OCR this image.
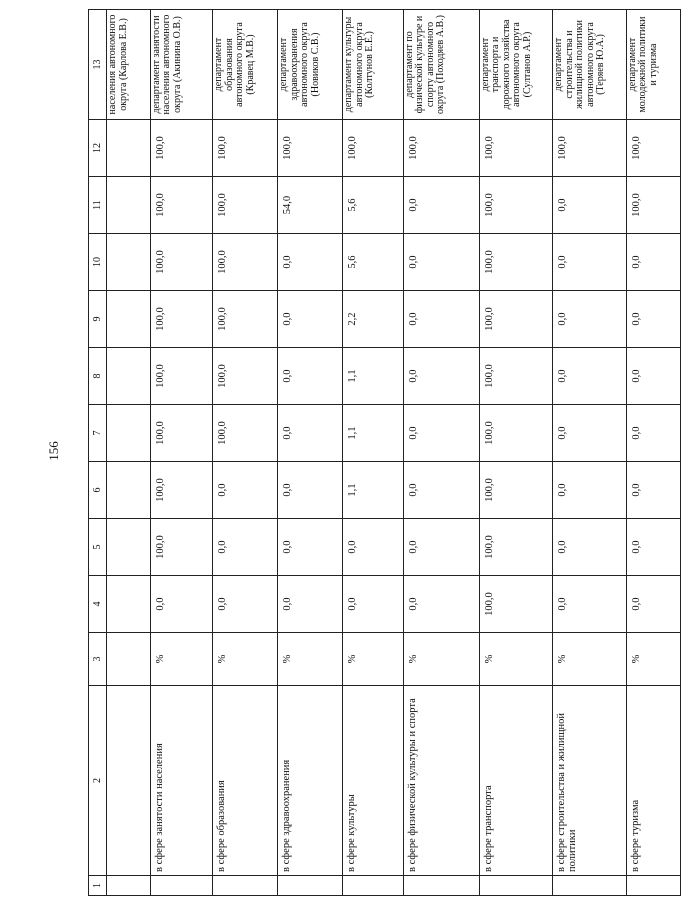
156
1	2	3	4	5	6	7	8	9	10	11	12	13
												населения автономного округа (Карлова Е.В.)
	в сфере занятости населения	%	0,0	100,0	100,0	100,0	100,0	100,0	100,0	100,0	100,0	департамент занятости населения автономного округа (Акинина О.В.)
	в сфере образования	%	0,0	0,0	0,0	100,0	100,0	100,0	100,0	100,0	100,0	департамент образования автономного округа (Кравец М.В.)
	в сфере здравоохранения	%	0,0	0,0	0,0	0,0	0,0	0,0	0,0	54,0	100,0	департамент здравоохранения автономного округа (Новиков С.В.)
	в сфере культуры	%	0,0	0,0	1,1	1,1	1,1	2,2	5,6	5,6	100,0	департамент культуры автономного округа (Колтунов Е.Е.)
	в сфере физической культуры и спорта	%	0,0	0,0	0,0	0,0	0,0	0,0	0,0	0,0	100,0	департамент по физической культуре и спорту автономного округа (Походяев А.В.)
	в сфере транспорта	%	100,0	100,0	100,0	100,0	100,0	100,0	100,0	100,0	100,0	департамент транспорта и дорожного хозяйства автономного округа (Султанов А.Р.)
	в сфере строительства и жилищной политики	%	0,0	0,0	0,0	0,0	0,0	0,0	0,0	0,0	100,0	департамент строительства и жилищной политики автономного округа (Теряев Ю.А.)
	в сфере туризма	%	0,0	0,0	0,0	0,0	0,0	0,0	0,0	100,0	100,0	департамент молодежной политики и туризма
